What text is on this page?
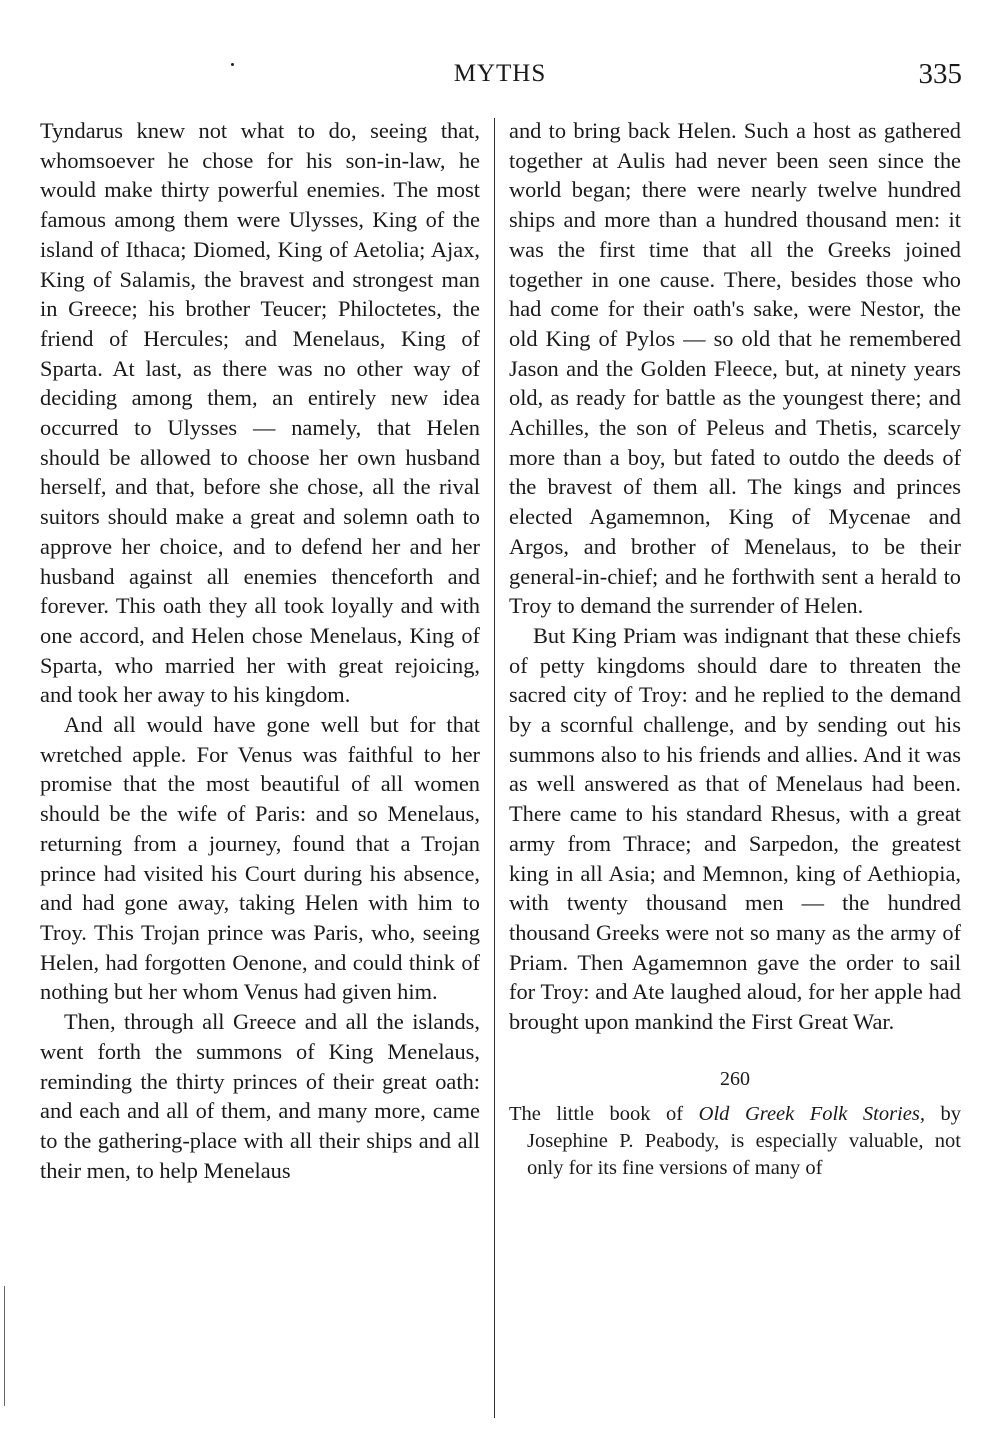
MYTHS	335

Tyndarus knew not what to do, seeing that, whomsoever he chose for his son-in-law, he would make thirty powerful enemies. The most famous among them were Ulysses, King of the island of Ithaca; Diomed, King of Aetolia; Ajax, King of Salamis, the bravest and strongest man in Greece; his brother Teucer; Philoctetes, the friend of Hercules; and Menelaus, King of Sparta. At last, as there was no other way of deciding among them, an entirely new idea occurred to Ulysses — namely, that Helen should be allowed to choose her own husband herself, and that, before she chose, all the rival suitors should make a great and solemn oath to approve her choice, and to defend her and her husband against all enemies thenceforth and forever. This oath they all took loyally and with one accord, and Helen chose Menelaus, King of Sparta, who married her with great rejoicing, and took her away to his kingdom.

And all would have gone well but for that wretched apple. For Venus was faithful to her promise that the most beautiful of all women should be the wife of Paris: and so Menelaus, returning from a journey, found that a Trojan prince had visited his Court during his absence, and had gone away, taking Helen with him to Troy. This Trojan prince was Paris, who, seeing Helen, had forgotten Oenone, and could think of nothing but her whom Venus had given him.

Then, through all Greece and all the islands, went forth the summons of King Menelaus, reminding the thirty princes of their great oath: and each and all of them, and many more, came to the gathering-place with all their ships and all their men, to help Menelaus

and to bring back Helen. Such a host as gathered together at Aulis had never been seen since the world began; there were nearly twelve hundred ships and more than a hundred thousand men: it was the first time that all the Greeks joined together in one cause. There, besides those who had come for their oath's sake, were Nestor, the old King of Pylos — so old that he remembered Jason and the Golden Fleece, but, at ninety years old, as ready for battle as the youngest there; and Achilles, the son of Peleus and Thetis, scarcely more than a boy, but fated to outdo the deeds of the bravest of them all. The kings and princes elected Agamemnon, King of Mycenae and Argos, and brother of Menelaus, to be their general-in-chief; and he forthwith sent a herald to Troy to demand the surrender of Helen.

But King Priam was indignant that these chiefs of petty kingdoms should dare to threaten the sacred city of Troy: and he replied to the demand by a scornful challenge, and by sending out his summons also to his friends and allies. And it was as well answered as that of Menelaus had been. There came to his standard Rhesus, with a great army from Thrace; and Sarpedon, the greatest king in all Asia; and Memnon, king of Aethiopia, with twenty thousand men — the hundred thousand Greeks were not so many as the army of Priam. Then Agamemnon gave the order to sail for Troy: and Ate laughed aloud, for her apple had brought upon mankind the First Great War.

260

The little book of Old Greek Folk Stories, by Josephine P. Peabody, is especially valuable, not only for its fine versions of many of
